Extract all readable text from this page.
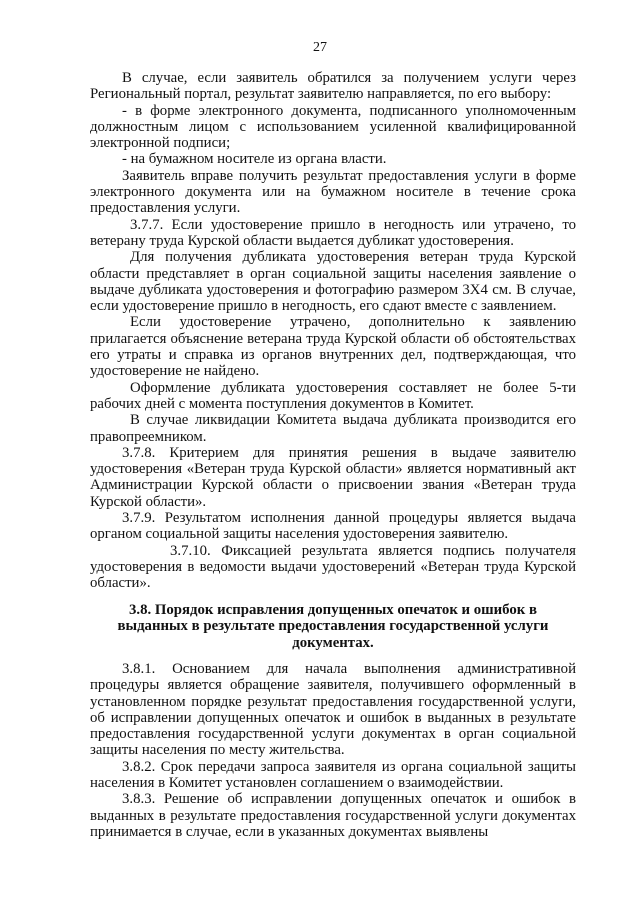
27

В случае, если заявитель обратился за получением услуги через Региональный портал, результат заявителю направляется, по его выбору:

- в форме электронного документа, подписанного уполномоченным должностным лицом с использованием усиленной квалифицированной электронной подписи;

- на бумажном носителе из органа власти.

Заявитель вправе получить результат предоставления услуги в форме электронного документа или на бумажном носителе в течение срока предоставления услуги.

3.7.7. Если удостоверение пришло в негодность или утрачено, то ветерану труда Курской области выдается дубликат удостоверения.

Для получения дубликата удостоверения ветеран труда Курской области представляет в орган социальной защиты населения заявление о выдаче дубликата удостоверения и фотографию размером 3Х4 см. В случае, если удостоверение пришло в негодность, его сдают вместе с заявлением.

Если удостоверение утрачено, дополнительно к заявлению прилагается объяснение ветерана труда Курской области об обстоятельствах его утраты и справка из органов внутренних дел, подтверждающая, что удостоверение не найдено.

Оформление дубликата удостоверения составляет не более 5-ти рабочих дней с момента поступления документов в Комитет.

В случае ликвидации Комитета выдача дубликата производится его правопреемником.

3.7.8. Критерием для принятия решения в выдаче заявителю удостоверения «Ветеран труда Курской области» является нормативный акт Администрации Курской области о присвоении звания «Ветеран труда Курской области».

3.7.9. Результатом исполнения данной процедуры является выдача органом социальной защиты населения удостоверения заявителю.

3.7.10. Фиксацией результата является подпись получателя удостоверения в ведомости выдачи удостоверений «Ветеран труда Курской области».

3.8. Порядок исправления допущенных опечаток и ошибок в выданных в результате предоставления государственной услуги документах.

3.8.1. Основанием для начала выполнения административной процедуры является обращение заявителя, получившего оформленный в установленном порядке результат предоставления государственной услуги, об исправлении допущенных опечаток и ошибок в выданных в результате предоставления государственной услуги документах в орган социальной защиты населения по месту жительства.

3.8.2. Срок передачи запроса заявителя из органа социальной защиты населения в Комитет установлен соглашением о взаимодействии.

3.8.3. Решение об исправлении допущенных опечаток и ошибок в выданных в результате предоставления государственной услуги документах принимается в случае, если в указанных документах выявлены
